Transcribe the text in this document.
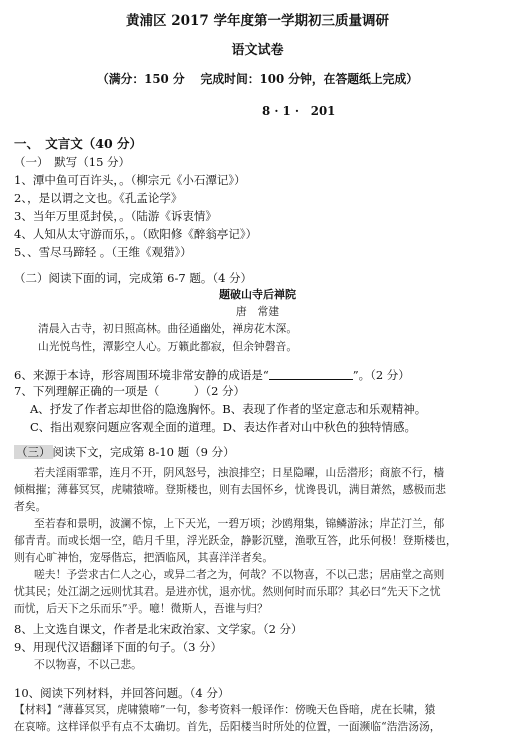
黄浦区 2017 学年度第一学期初三质量调研
语文试卷
（满分：150 分　 完成时间：100 分钟，在答题纸上完成）
8 · 1 ·　201
一、　文言文（40 分）
（一）　默写（15 分）
1、潭中鱼可百许头，。（柳宗元《小石潭记》）
2、，是以谓之文也。《孔孟论学》
3、当年万里觅封侯，。（陆游《诉衷情》
4、人知从太守游而乐，。（欧阳修《醉翁亭记》）
5、、雪尽马蹄轻 。（王维《观猎》）
（二）阅读下面的词，完成第 6-7 题。（4 分）
题破山寺后禅院
唐　常建
清晨入古寺，初日照高林。曲径通幽处，禅房花木深。
山光悦鸟性，潭影空人心。万籁此都寂，但余钟磬音。
6、来源于本诗，形容周围环境非常安静的成语是“	”。（2 分）
7、下列理解正确的一项是（　　　）（2 分）
A、抒发了作者忘却世俗的隐逸胸怀。B、表现了作者的坚定意志和乐观精神。
C、指出观察问题应客观全面的道理。D、表达作者对山中秋色的独特情感。
（三） 阅读下文，完成第 8-10 题（9 分）
若夫淫雨霏霏，连月不开，阴风怒号，浊浪排空；日星隐曜，山岳潜形；商旅不行，樯
倾楫摧；薄暮冥冥，虎啸猿啼。登斯楼也，则有去国怀乡，忧谗畏讥，满目萧然，感极而悲
者矣。
至若春和景明，波澜不惊，上下天光，一碧万顷；沙鸥翔集，锦鳞游泳；岸芷汀兰，郁
郁青青。而或长烟一空，皓月千里，浮光跃金，静影沉璧，渔歌互答，此乐何极！登斯楼也，
则有心旷神怡，宠辱偕忘，把酒临风，其喜洋洋者矣。
嗟夫！予尝求古仁人之心，或异二者之为，何哉？不以物喜，不以己悲；居庙堂之高则
忧其民；处江湖之远则忧其君。是进亦忧，退亦忧。然则何时而乐耶？其必曰“先天下之忧
而忧，后天下之乐而乐”乎。噫！微斯人，吾谁与归？
8、上文选自课文，作者是北宋政治家、文学家。（2 分）
9、用现代汉语翻译下面的句子。（3 分）
不以物喜，不以己悲。
10、阅读下列材料，并回答问题。（4 分）
【材料】“薄暮冥冥，虎啸猿啼”一句，参考资料一般译作：傍晚天色昏暗，虎在长啸，猿
在哀啼。这样译似乎有点不太确切。首先，岳阳楼当时所处的位置，一面濒临“浩浩汤汤，
